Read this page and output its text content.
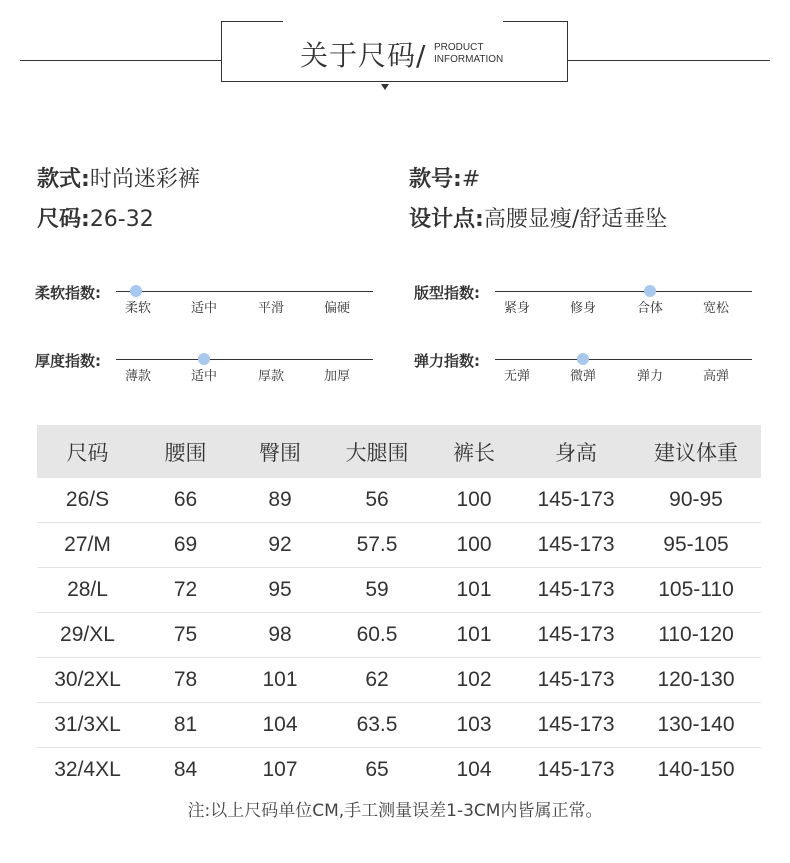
关于尺码/ PRODUCT
INFORMATION
款式:时尚迷彩裤
尺码:26-32
款号:#
设计点:高腰显瘦/舒适垂坠
尺码	腰围	臀围	大腿围	裤长	身高	建议体重
26/S	66	89	56	100	145-173	90-95
27/M	69	92	57.5	100	145-173	95-105
28/L	72	95	59	101	145-173	105-110
29/XL	75	98	60.5	101	145-173	110-120
30/2XL	78	101	62	102	145-173	120-130
31/3XL	81	104	63.5	103	145-173	130-140
32/4XL	84	107	65	104	145-173	140-150
注:以上尺码单位CM,手工测量误差1-3CM内皆属正常。
柔软指数:
柔软	适中	平滑	偏硬
版型指数:
紧身	修身	合体	宽松
厚度指数:
薄款	适中	厚款	加厚
弹力指数:
无弹	微弹	弹力	高弹
